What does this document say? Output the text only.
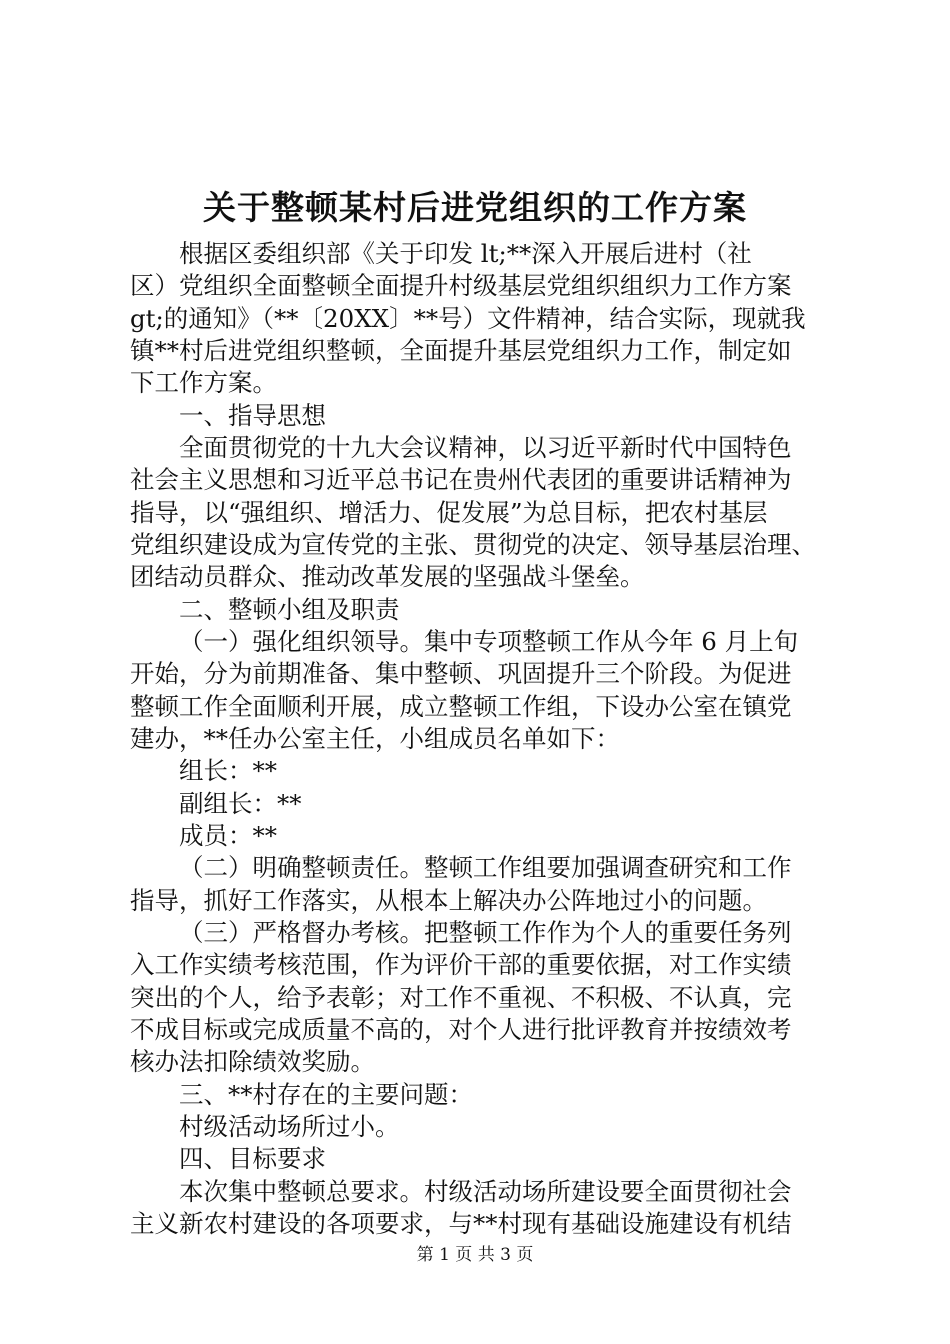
关于整顿某村后进党组织的工作方案
根据区委组织部《关于印发 lt;**深入开展后进村（社
区）党组织全面整顿全面提升村级基层党组织组织力工作方案
gt;的通知》（**〔20XX〕**号）文件精神，结合实际，现就我
镇**村后进党组织整顿，全面提升基层党组织力工作，制定如
下工作方案。
一、指导思想
全面贯彻党的十九大会议精神，以习近平新时代中国特色
社会主义思想和习近平总书记在贵州代表团的重要讲话精神为
指导，以“强组织、增活力、促发展”为总目标，把农村基层
党组织建设成为宣传党的主张、贯彻党的决定、领导基层治理、
团结动员群众、推动改革发展的坚强战斗堡垒。
二、整顿小组及职责
（一）强化组织领导。集中专项整顿工作从今年 6 月上旬
开始，分为前期准备、集中整顿、巩固提升三个阶段。为促进
整顿工作全面顺利开展，成立整顿工作组，下设办公室在镇党
建办，**任办公室主任，小组成员名单如下：
组长：**
副组长：**
成员：**
（二）明确整顿责任。整顿工作组要加强调查研究和工作
指导，抓好工作落实，从根本上解决办公阵地过小的问题。
（三）严格督办考核。把整顿工作作为个人的重要任务列
入工作实绩考核范围，作为评价干部的重要依据，对工作实绩
突出的个人，给予表彰；对工作不重视、不积极、不认真，完
不成目标或完成质量不高的，对个人进行批评教育并按绩效考
核办法扣除绩效奖励。
三、**村存在的主要问题：
村级活动场所过小。
四、目标要求
本次集中整顿总要求。村级活动场所建设要全面贯彻社会
主义新农村建设的各项要求，与**村现有基础设施建设有机结
第 1 页 共 3 页
